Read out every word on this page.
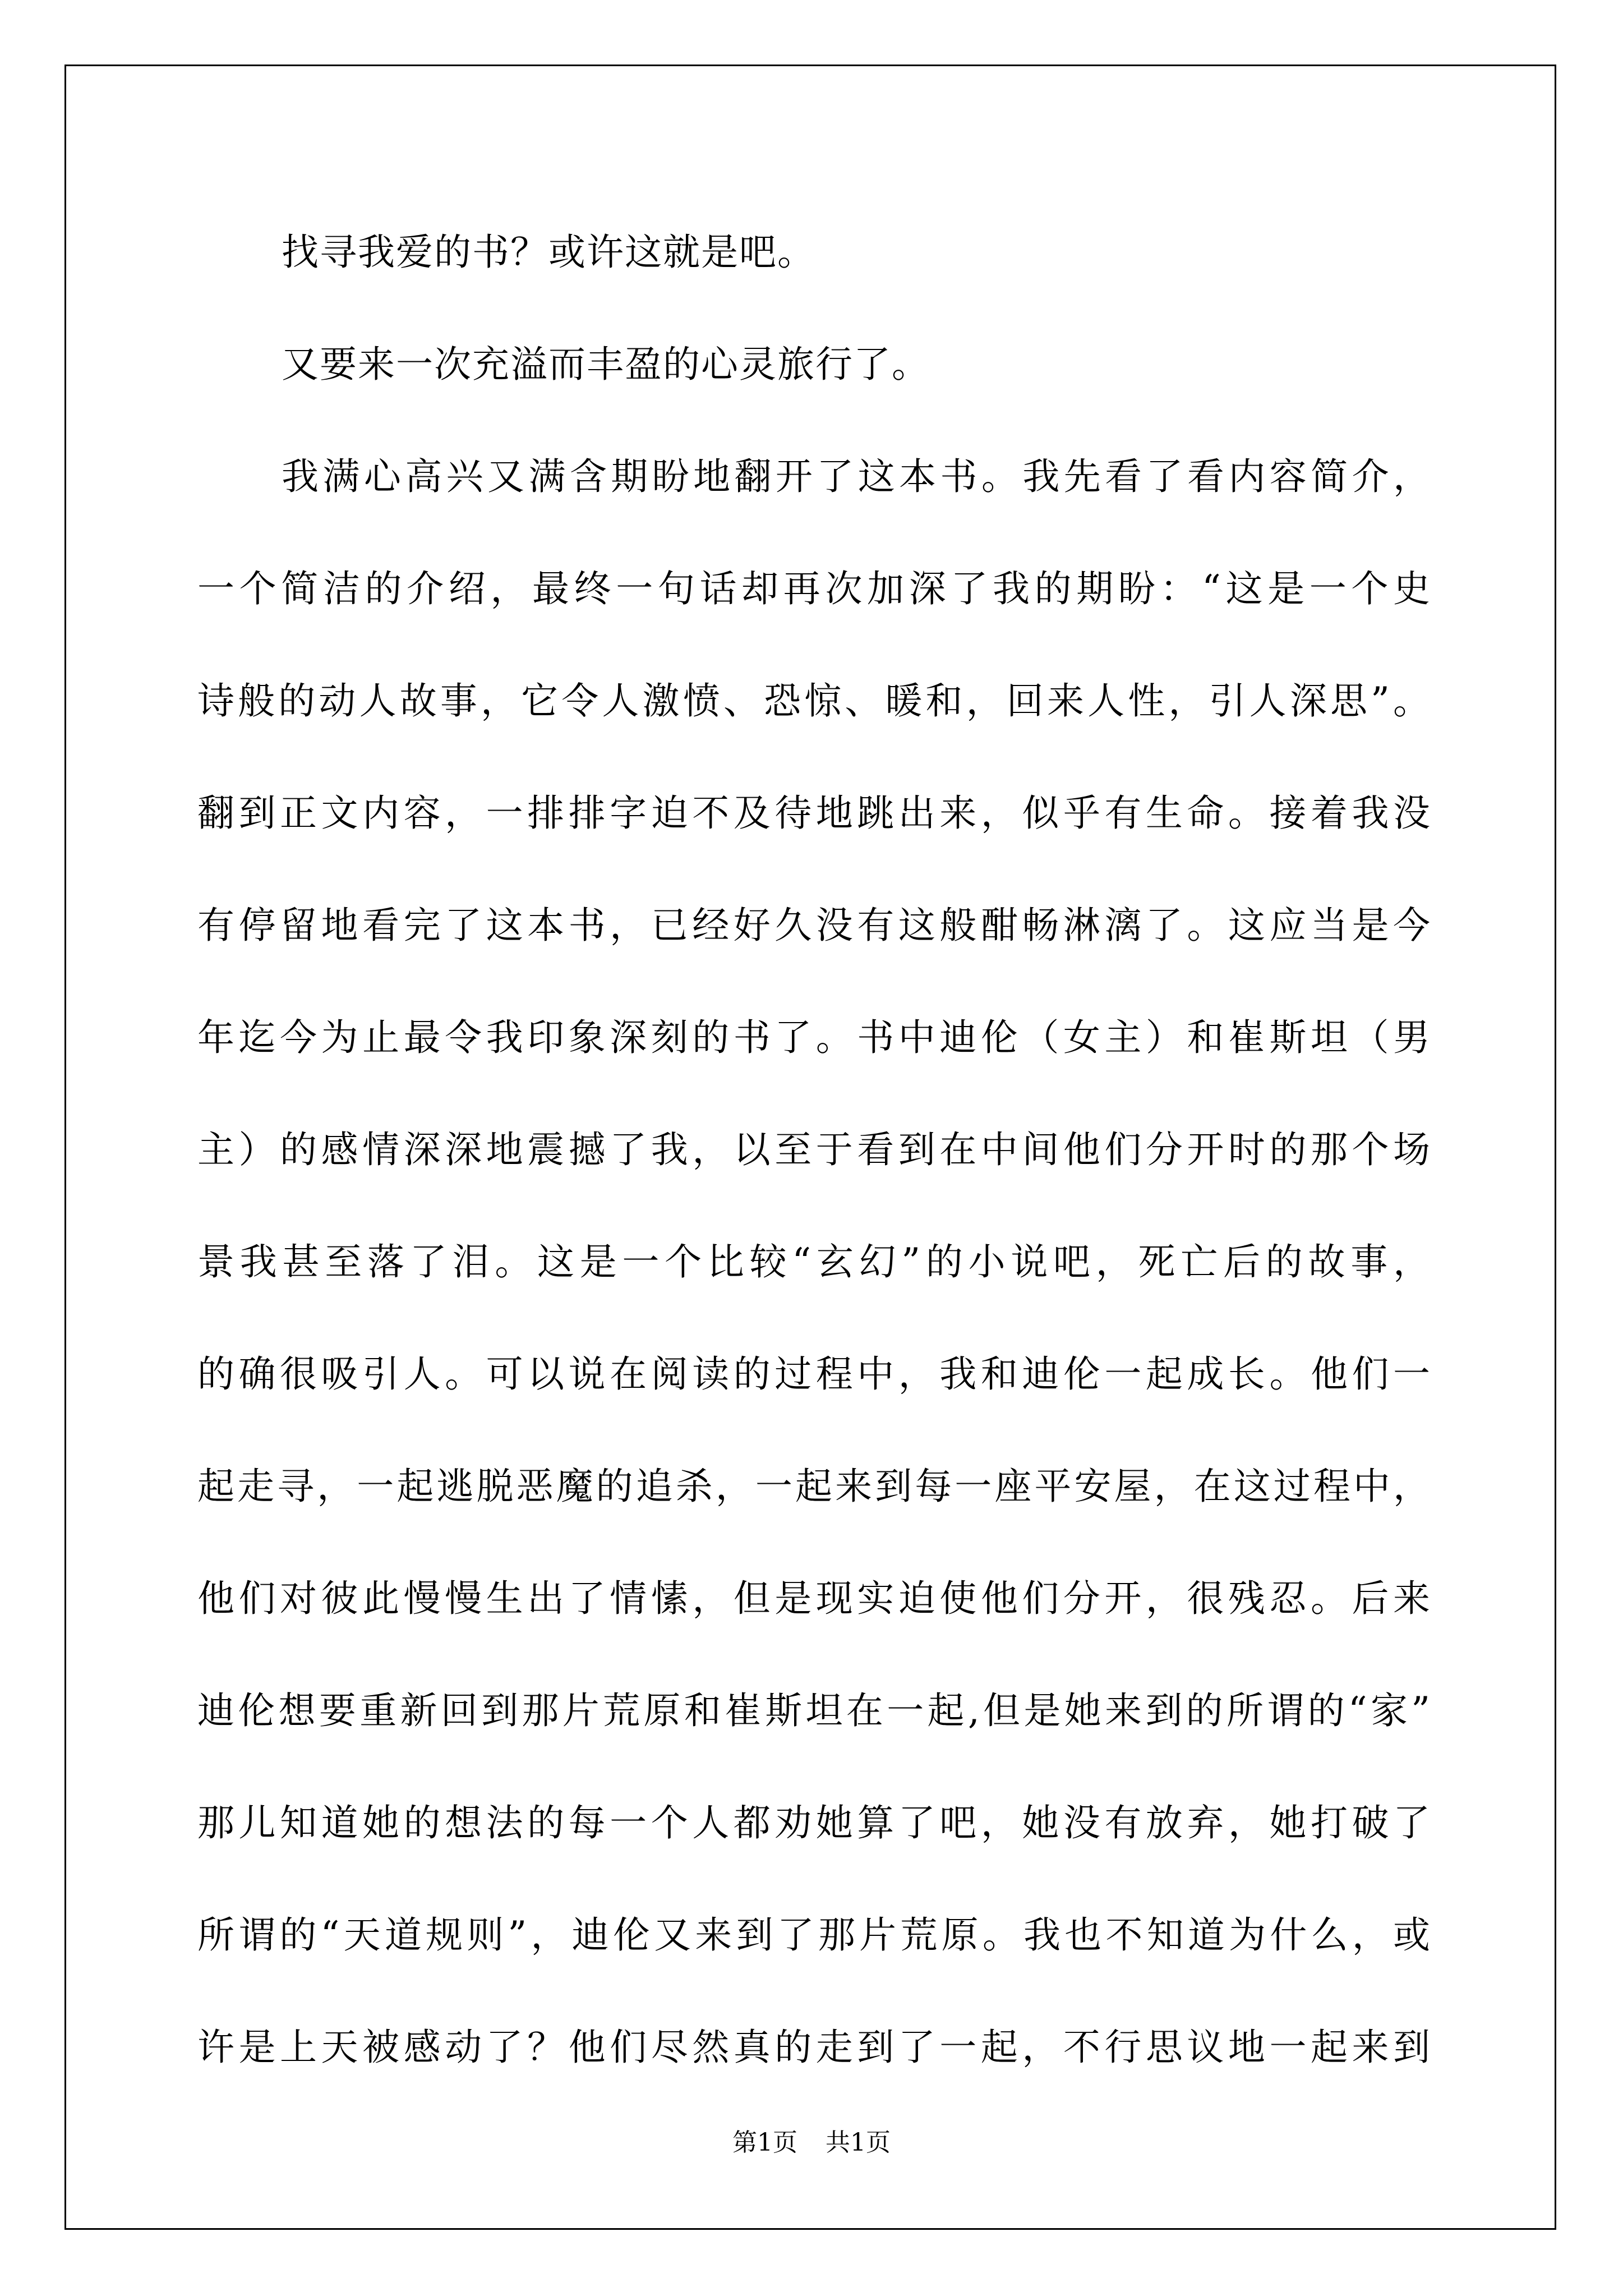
找寻我爱的书？或许这就是吧。
又要来一次充溢而丰盈的心灵旅行了。
我满心高兴又满含期盼地翻开了这本书。我先看了看内容简介，
一个简洁的介绍，最终一句话却再次加深了我的期盼：“这是一个史
诗般的动人故事，它令人激愤、恐惊、暖和，回来人性，引人深思”。
翻到正文内容，一排排字迫不及待地跳出来，似乎有生命。接着我没
有停留地看完了这本书，已经好久没有这般酣畅淋漓了。这应当是今
年迄今为止最令我印象深刻的书了。书中迪伦（女主）和崔斯坦（男
主）的感情深深地震撼了我，以至于看到在中间他们分开时的那个场
景我甚至落了泪。这是一个比较“玄幻”的小说吧，死亡后的故事，
的确很吸引人。可以说在阅读的过程中，我和迪伦一起成长。他们一
起走寻，一起逃脱恶魔的追杀，一起来到每一座平安屋，在这过程中，
他们对彼此慢慢生出了情愫，但是现实迫使他们分开，很残忍。后来
迪伦想要重新回到那片荒原和崔斯坦在一起,但是她来到的所谓的“家”
那儿知道她的想法的每一个人都劝她算了吧，她没有放弃，她打破了
所谓的“天道规则”，迪伦又来到了那片荒原。我也不知道为什么，或
许是上天被感动了？他们尽然真的走到了一起，不行思议地一起来到
第1页 共1页
